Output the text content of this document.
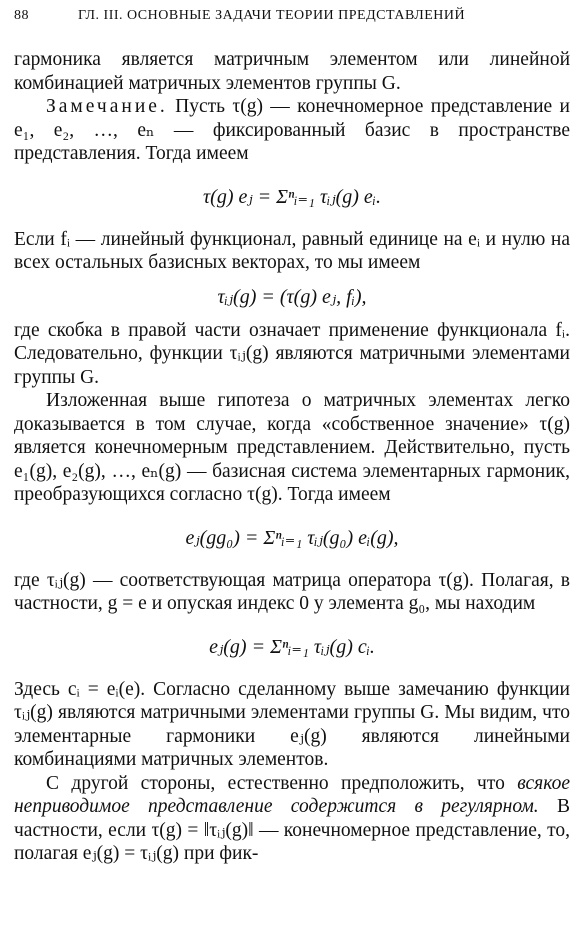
88	ГЛ. III. ОСНОВНЫЕ ЗАДАЧИ ТЕОРИИ ПРЕДСТАВЛЕНИЙ

гармоника является матричным элементом или линейной комбинацией матричных элементов группы G.

Замечание. Пусть τ(g) — конечномерное представление и e₁, e₂, …, eₙ — фиксированный базис в пространстве представления. Тогда имеем

τ(g) eⱼ = Σⁿᵢ₌₁ τᵢⱼ(g) eᵢ.

Если fᵢ — линейный функционал, равный единице на eᵢ и нулю на всех остальных базисных векторах, то мы имеем

τᵢⱼ(g) = (τ(g) eⱼ, fᵢ),

где скобка в правой части означает применение функционала fᵢ. Следовательно, функции τᵢⱼ(g) являются матричными элементами группы G.

Изложенная выше гипотеза о матричных элементах легко доказывается в том случае, когда «собственное значение» τ(g) является конечномерным представлением. Действительно, пусть e₁(g), e₂(g), …, eₙ(g) — базисная система элементарных гармоник, преобразующихся согласно τ(g). Тогда имеем

eⱼ(gg₀) = Σⁿᵢ₌₁ τᵢⱼ(g₀) eᵢ(g),

где τᵢⱼ(g) — соответствующая матрица оператора τ(g). Полагая, в частности, g = e и опуская индекс 0 у элемента g₀, мы находим

eⱼ(g) = Σⁿᵢ₌₁ τᵢⱼ(g) cᵢ.

Здесь cᵢ = eᵢ(e). Согласно сделанному выше замечанию функции τᵢⱼ(g) являются матричными элементами группы G. Мы видим, что элементарные гармоники eⱼ(g) являются линейными комбинациями матричных элементов.

С другой стороны, естественно предположить, что всякое неприводимое представление содержится в регулярном. В частности, если τ(g) = ‖τᵢⱼ(g)‖ — конечномерное представление, то, полагая eⱼ(g) = τᵢⱼ(g) при фик-
